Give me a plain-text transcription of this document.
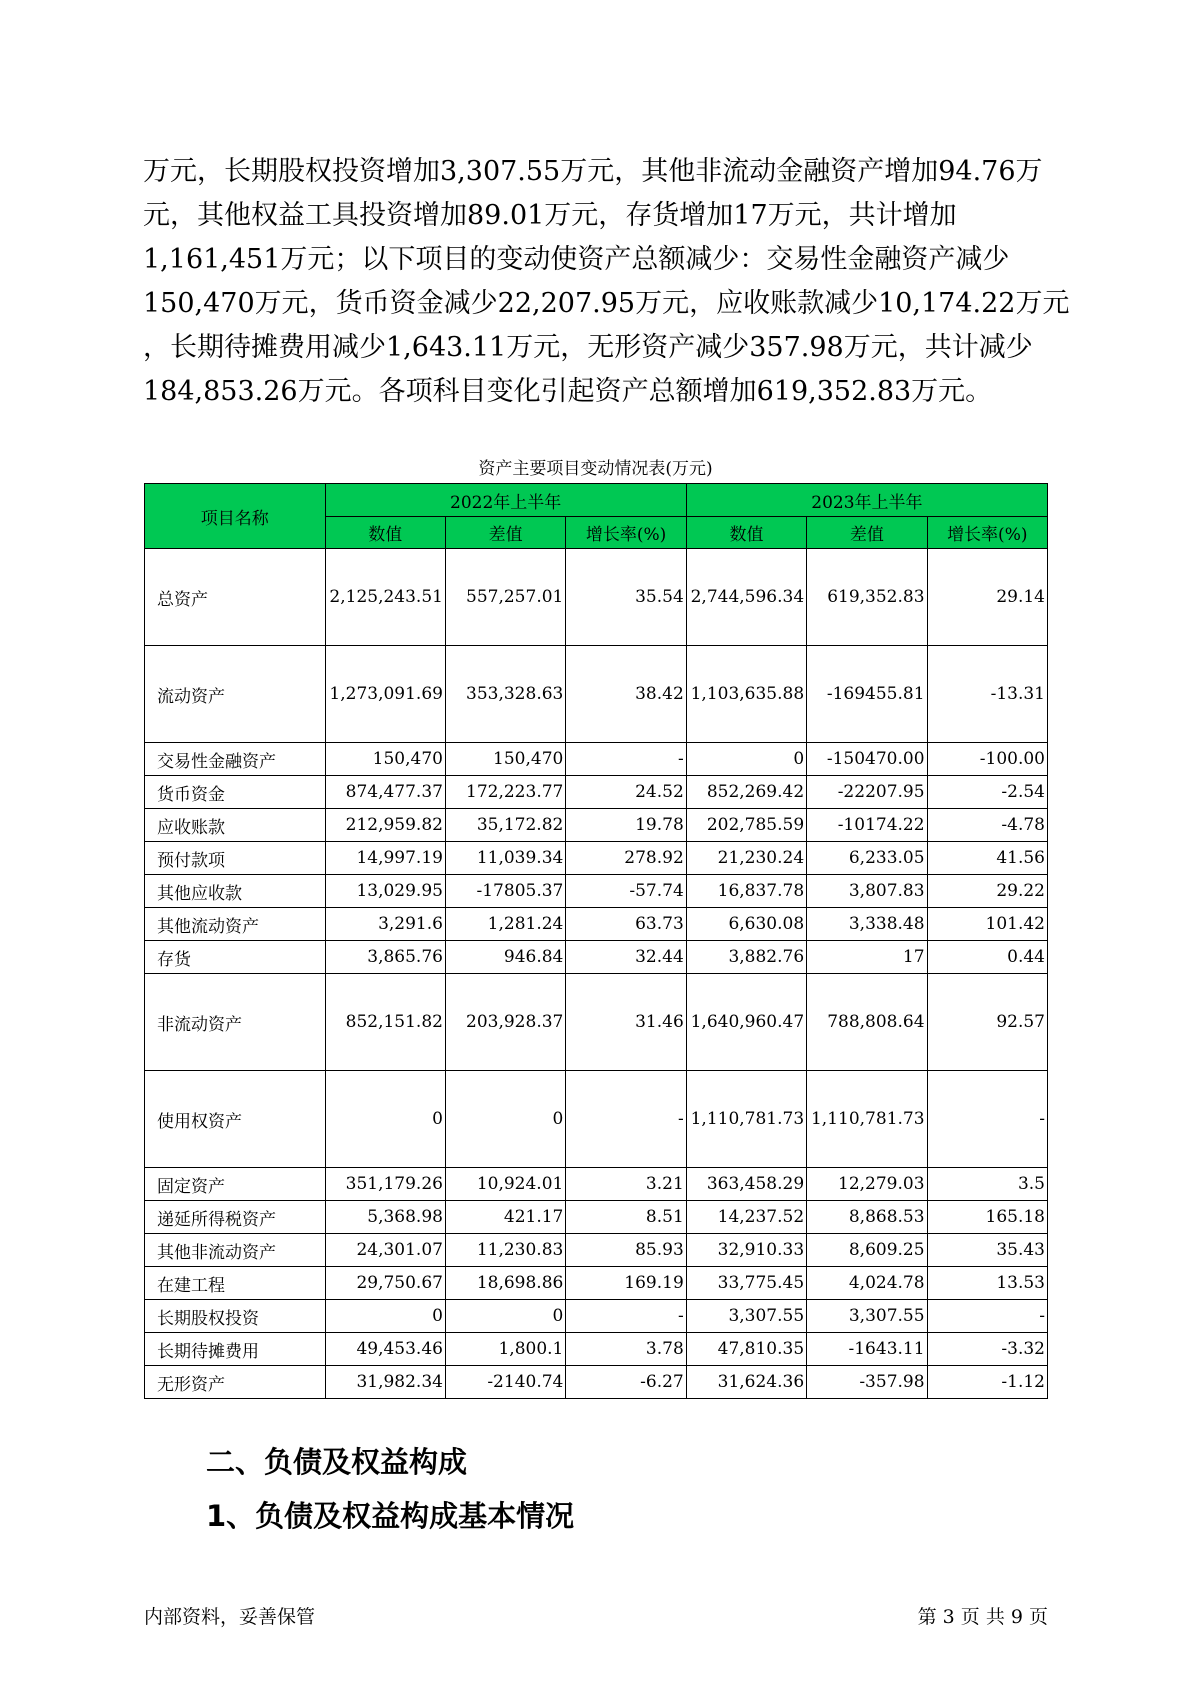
万元，长期股权投资增加3,307.55万元，其他非流动金融资产增加94.76万
元，其他权益工具投资增加89.01万元，存货增加17万元，共计增加
1,161,451万元；以下项目的变动使资产总额减少：交易性金融资产减少
150,470万元，货币资金减少22,207.95万元，应收账款减少10,174.22万元
，长期待摊费用减少1,643.11万元，无形资产减少357.98万元，共计减少
184,853.26万元。各项科目变化引起资产总额增加619,352.83万元。
资产主要项目变动情况表(万元)
项目名称	2022年上半年			2023年上半年		
	数值	差值	增长率(%)	数值	差值	增长率(%)
总资产	2,125,243.51	557,257.01	35.54	2,744,596.34	619,352.83	29.14
流动资产	1,273,091.69	353,328.63	38.42	1,103,635.88	-169455.81	-13.31
交易性金融资产	150,470	150,470	-	0	-150470.00	-100.00
货币资金	874,477.37	172,223.77	24.52	852,269.42	-22207.95	-2.54
应收账款	212,959.82	35,172.82	19.78	202,785.59	-10174.22	-4.78
预付款项	14,997.19	11,039.34	278.92	21,230.24	6,233.05	41.56
其他应收款	13,029.95	-17805.37	-57.74	16,837.78	3,807.83	29.22
其他流动资产	3,291.6	1,281.24	63.73	6,630.08	3,338.48	101.42
存货	3,865.76	946.84	32.44	3,882.76	17	0.44
非流动资产	852,151.82	203,928.37	31.46	1,640,960.47	788,808.64	92.57
使用权资产	0	0	-	1,110,781.73	1,110,781.73	-
固定资产	351,179.26	10,924.01	3.21	363,458.29	12,279.03	3.5
递延所得税资产	5,368.98	421.17	8.51	14,237.52	8,868.53	165.18
其他非流动资产	24,301.07	11,230.83	85.93	32,910.33	8,609.25	35.43
在建工程	29,750.67	18,698.86	169.19	33,775.45	4,024.78	13.53
长期股权投资	0	0	-	3,307.55	3,307.55	-
长期待摊费用	49,453.46	1,800.1	3.78	47,810.35	-1643.11	-3.32
无形资产	31,982.34	-2140.74	-6.27	31,624.36	-357.98	-1.12
二、负债及权益构成
1、负债及权益构成基本情况
内部资料，妥善保管	第 3 页 共 9 页
